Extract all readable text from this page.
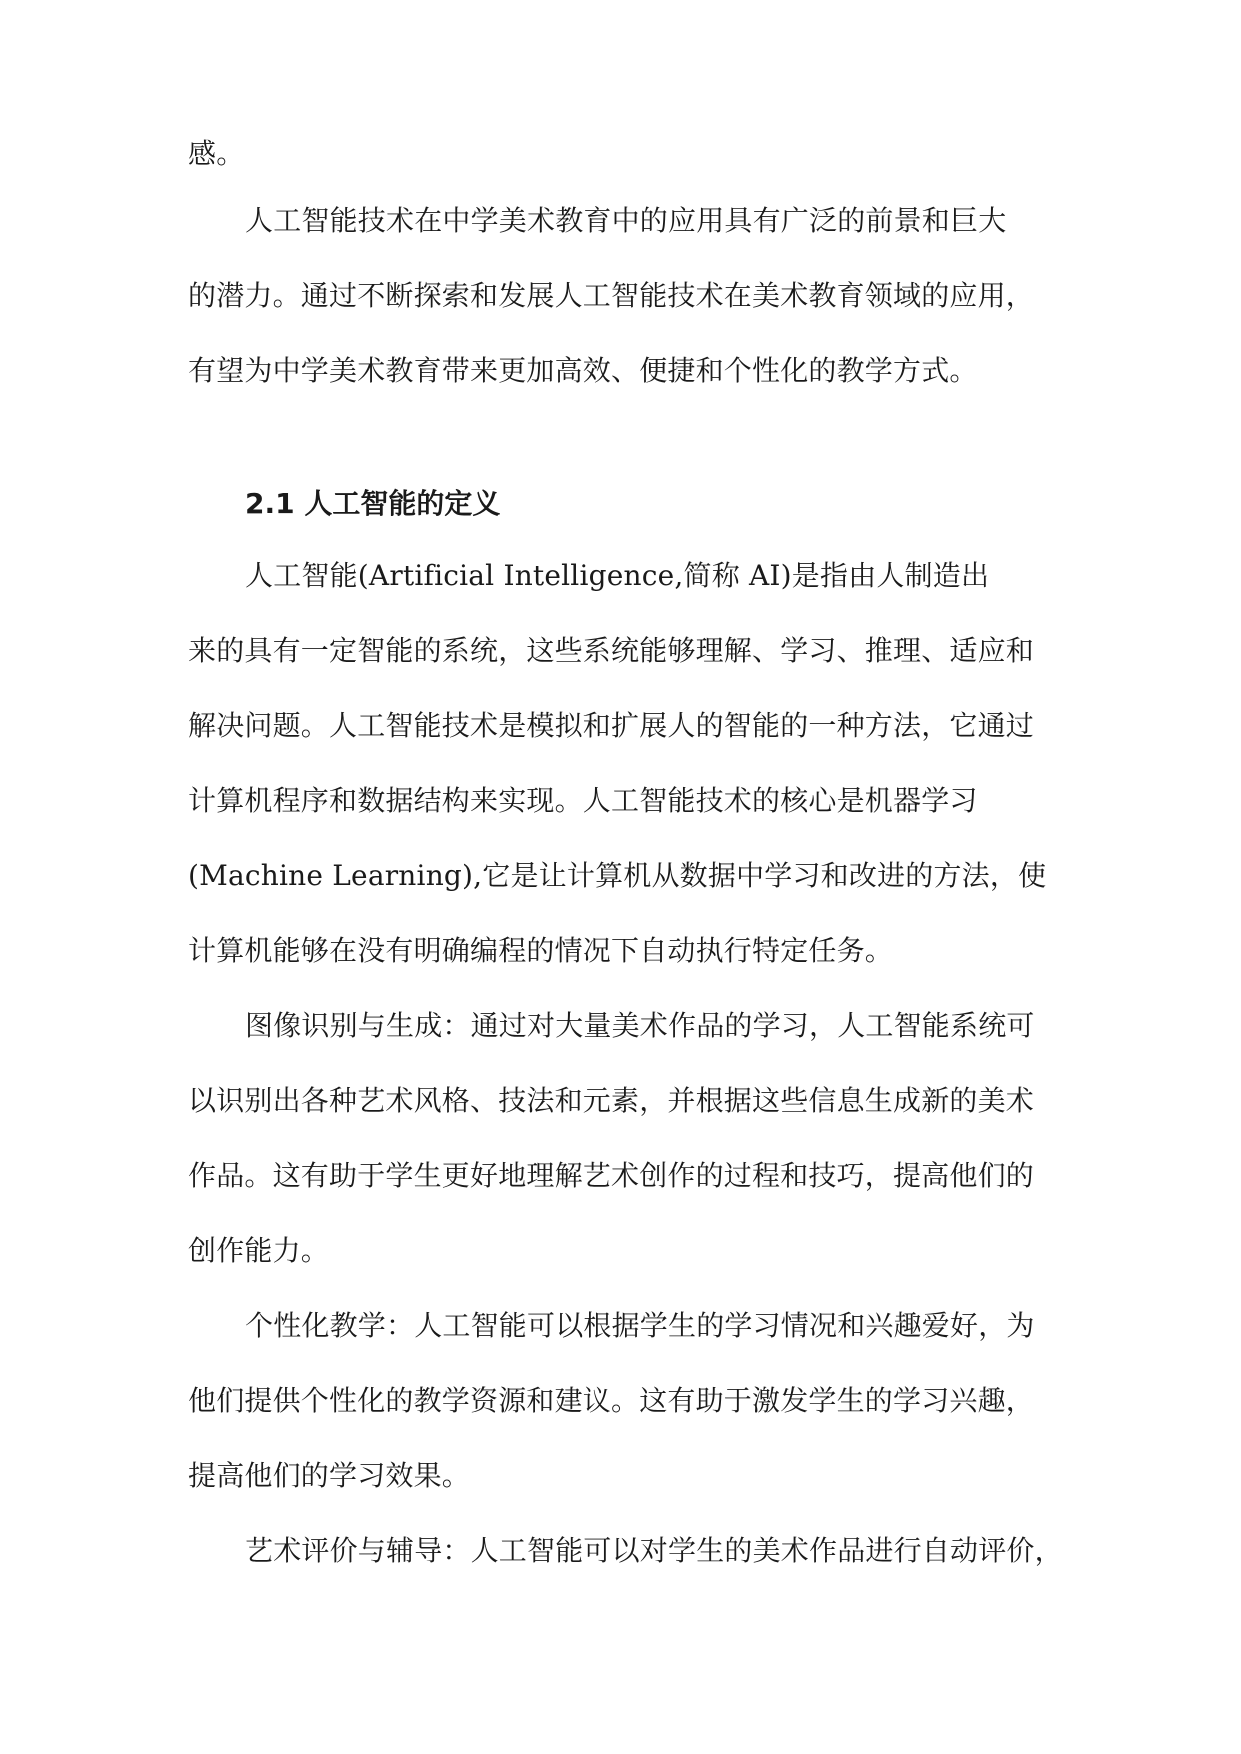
感。

人工智能技术在中学美术教育中的应用具有广泛的前景和巨大
的潜力。通过不断探索和发展人工智能技术在美术教育领域的应用，
有望为中学美术教育带来更加高效、便捷和个性化的教学方式。

2.1 人工智能的定义

人工智能(Artificial Intelligence,简称 AI)是指由人制造出
来的具有一定智能的系统，这些系统能够理解、学习、推理、适应和
解决问题。人工智能技术是模拟和扩展人的智能的一种方法，它通过
计算机程序和数据结构来实现。人工智能技术的核心是机器学习
(Machine Learning),它是让计算机从数据中学习和改进的方法，使
计算机能够在没有明确编程的情况下自动执行特定任务。

图像识别与生成：通过对大量美术作品的学习，人工智能系统可
以识别出各种艺术风格、技法和元素，并根据这些信息生成新的美术
作品。这有助于学生更好地理解艺术创作的过程和技巧，提高他们的
创作能力。

个性化教学：人工智能可以根据学生的学习情况和兴趣爱好，为
他们提供个性化的教学资源和建议。这有助于激发学生的学习兴趣，
提高他们的学习效果。

艺术评价与辅导：人工智能可以对学生的美术作品进行自动评价，
